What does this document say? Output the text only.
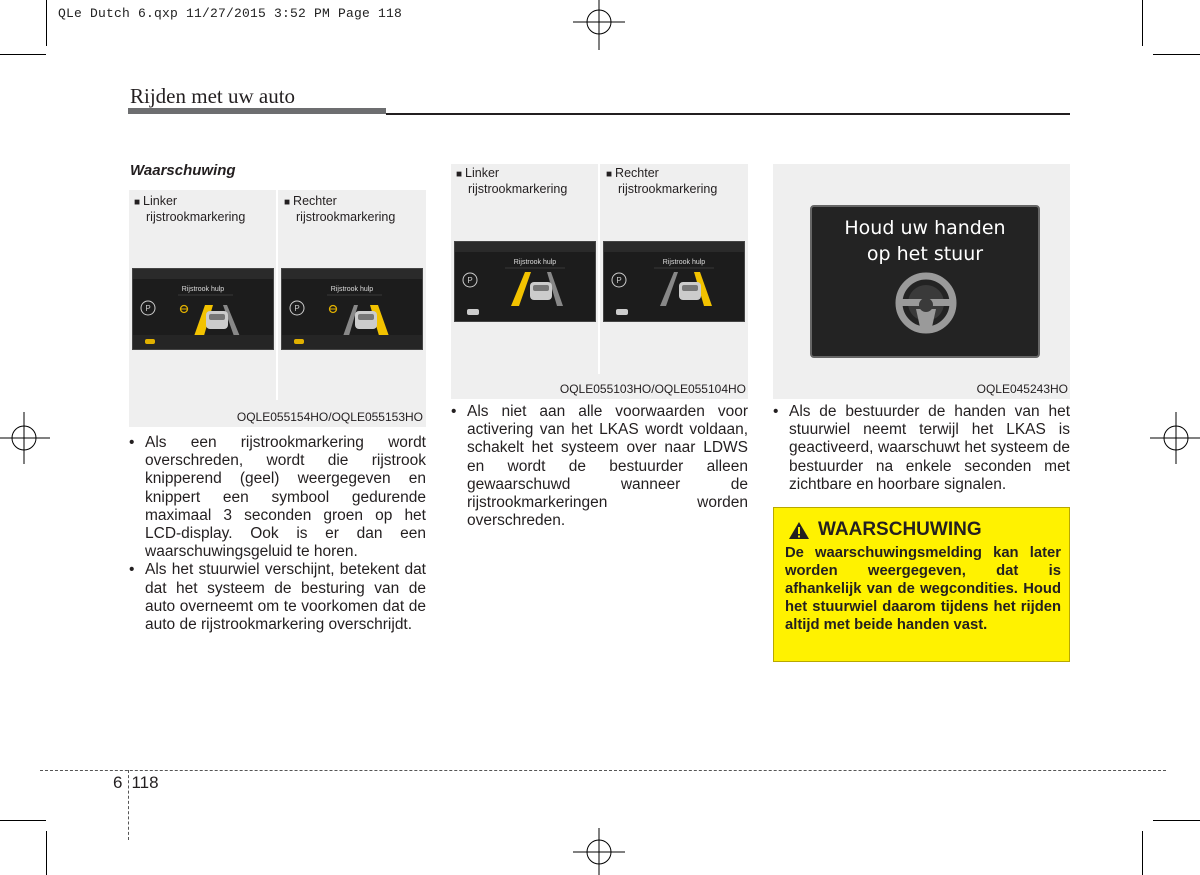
QLe Dutch 6.qxp 11/27/2015 3:52 PM Page 118
Rijden met uw auto
Waarschuwing
■ Linker
rijstrookmarkering
■ Rechter
rijstrookmarkering
Rijstrook hulp
P
Rijstrook hulp
P
OQLE055154HO/OQLE055153HO
• Als een rijstrookmarkering wordt overschreden, wordt die rijstrook knipperend (geel) weergegeven en knippert een symbool gedurende maximaal 3 seconden groen op het LCD-display. Ook is er dan een waarschuwingsgeluid te horen.
• Als het stuurwiel verschijnt, betekent dat dat het systeem de besturing van de auto overneemt om te voorkomen dat de auto de rijstrookmarkering overschrijdt.
■ Linker
rijstrookmarkering
■ Rechter
rijstrookmarkering
Rijstrook hulp
P
Rijstrook hulp
P
OQLE055103HO/OQLE055104HO
• Als niet aan alle voorwaarden voor activering van het LKAS wordt voldaan, schakelt het systeem over naar LDWS en wordt de bestuurder alleen gewaarschuwd wanneer de rijstrookmarkeringen worden overschreden.
Houd uw handen
op het stuur
OQLE045243HO
• Als de bestuurder de handen van het stuurwiel neemt terwijl het LKAS is geactiveerd, waarschuwt het systeem de bestuurder na enkele seconden met zichtbare en hoorbare signalen.
WAARSCHUWING
De waarschuwingsmelding kan later worden weergegeven, dat is afhankelijk van de wegcondities. Houd het stuurwiel daarom tijdens het rijden altijd met beide handen vast.
6 118
